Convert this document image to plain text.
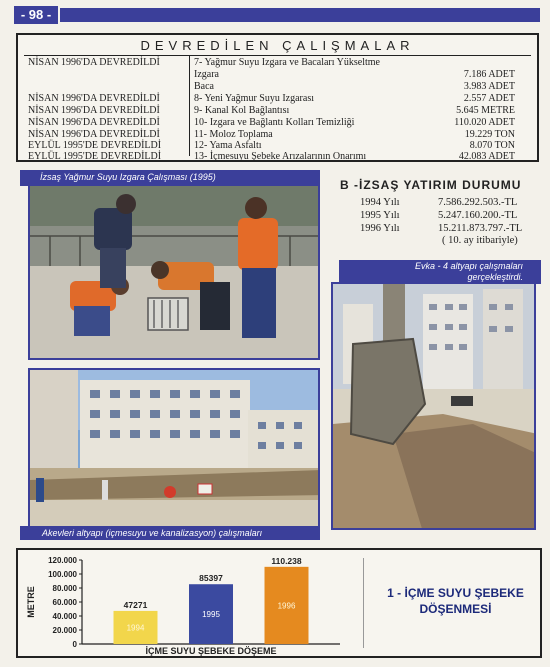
- 98 -
DEVREDİLEN ÇALIŞMALAR
NİSAN 1996'DA DEVREDİLDİ	7- Yağmur Suyu Izgara ve Bacaları Yükseltme
Izgara	7.186 ADET
Baca	3.983 ADET
NİSAN 1996'DA DEVREDİLDİ	8- Yeni Yağmur Suyu Izgarası	2.557 ADET
NİSAN 1996'DA DEVREDİLDİ	9- Kanal Kol Bağlantısı	5.645 METRE
NİSAN 1996'DA DEVREDİLDİ	10- Izgara ve Bağlantı Kolları Temizliği	110.020 ADET
NİSAN 1996'DA DEVREDİLDİ	11- Moloz Toplama	19.229 TON
EYLÜL 1995'DE DEVREDİLDİ	12- Yama Asfaltı	8.070 TON
EYLÜL 1995'DE DEVREDİLDİ	13- İçmesuyu Şebeke Arızalarının Onarımı	42.083 ADET
İzsaş Yağmur Suyu Izgara Çalışması (1995)
B -İZSAŞ YATIRIM DURUMU
1994 Yılı	7.586.292.503.-TL
1995 Yılı	5.247.160.200.-TL
1996 Yılı	15.211.873.797.-TL
( 10. ay itibariyle)
Evka - 4 altyapı çalışmaları gerçekleştirdi.
Akevleri altyapı (içmesuyu ve kanalizasyon) çalışmaları
0
20.000
40.000
60.000
80.000
100.000
120.000
METRE	47271
1994
85397
1995
110.238
1996
İÇME SUYU ŞEBEKE DÖŞEME
1 - İÇME SUYU ŞEBEKE DÖŞENMESİ
